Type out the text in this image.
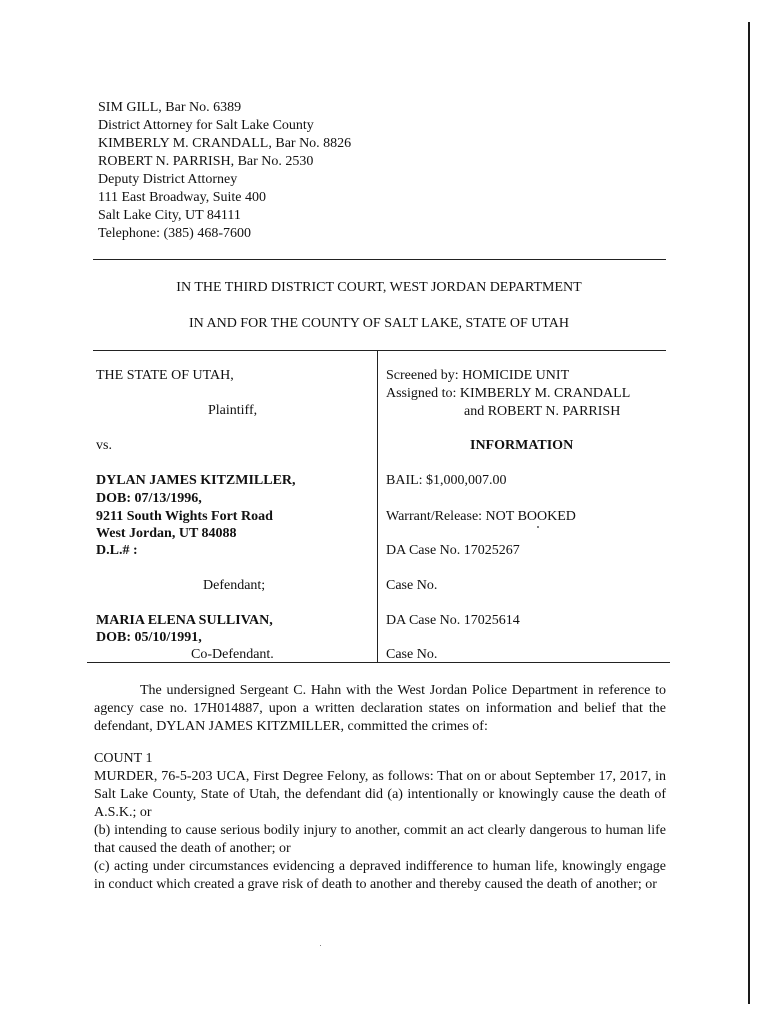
SIM GILL, Bar No. 6389
District Attorney for Salt Lake County
KIMBERLY M. CRANDALL, Bar No. 8826
ROBERT N. PARRISH, Bar No. 2530
Deputy District Attorney
111 East Broadway, Suite 400
Salt Lake City, UT 84111
Telephone: (385) 468-7600
IN THE THIRD DISTRICT COURT, WEST JORDAN DEPARTMENT
IN AND FOR THE COUNTY OF SALT LAKE, STATE OF UTAH
THE STATE OF UTAH,
Plaintiff,
vs.
DYLAN JAMES KITZMILLER,
DOB: 07/13/1996,
9211 South Wights Fort Road
West Jordan, UT 84088
D.L.# :
Defendant;
MARIA ELENA SULLIVAN,
DOB: 05/10/1991,
Co-Defendant.
Screened by: HOMICIDE UNIT
Assigned to: KIMBERLY M. CRANDALL
and ROBERT N. PARRISH
INFORMATION
BAIL: $1,000,007.00
Warrant/Release: NOT BOOKED
DA Case No. 17025267
Case No.
DA Case No. 17025614
Case No.

The undersigned Sergeant C. Hahn with the West Jordan Police Department in reference to agency case no. 17H014887, upon a written declaration states on information and belief that the defendant, DYLAN JAMES KITZMILLER, committed the crimes of:

COUNT 1

MURDER, 76-5-203 UCA, First Degree Felony, as follows: That on or about September 17, 2017, in Salt Lake County, State of Utah, the defendant did (a) intentionally or knowingly cause the death of A.S.K.; or

(b) intending to cause serious bodily injury to another, commit an act clearly dangerous to human life that caused the death of another; or

(c) acting under circumstances evidencing a depraved indifference to human life, knowingly engage in conduct which created a grave risk of death to another and thereby caused the death of another; or
